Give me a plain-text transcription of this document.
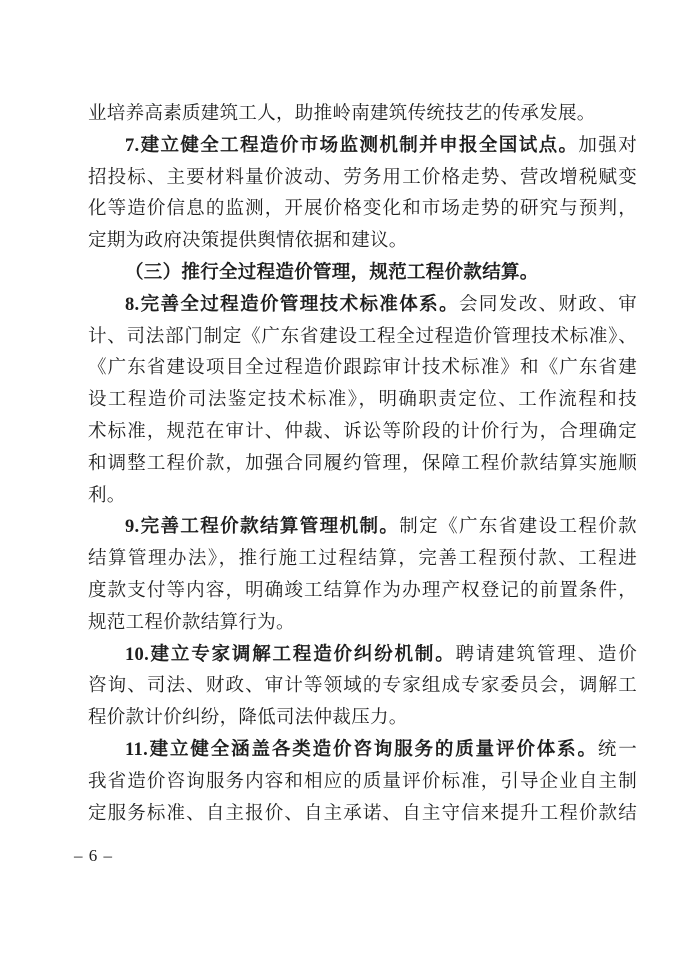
业培养高素质建筑工人，助推岭南建筑传统技艺的传承发展。
7.建立健全工程造价市场监测机制并申报全国试点。加强对
招投标、主要材料量价波动、劳务用工价格走势、营改增税赋变
化等造价信息的监测，开展价格变化和市场走势的研究与预判，
定期为政府决策提供舆情依据和建议。
（三）推行全过程造价管理，规范工程价款结算。
8.完善全过程造价管理技术标准体系。会同发改、财政、审
计、司法部门制定《广东省建设工程全过程造价管理技术标准》、
《广东省建设项目全过程造价跟踪审计技术标准》和《广东省建
设工程造价司法鉴定技术标准》，明确职责定位、工作流程和技
术标准，规范在审计、仲裁、诉讼等阶段的计价行为，合理确定
和调整工程价款，加强合同履约管理，保障工程价款结算实施顺
利。
9.完善工程价款结算管理机制。制定《广东省建设工程价款
结算管理办法》，推行施工过程结算，完善工程预付款、工程进
度款支付等内容，明确竣工结算作为办理产权登记的前置条件，
规范工程价款结算行为。
10.建立专家调解工程造价纠纷机制。聘请建筑管理、造价
咨询、司法、财政、审计等领域的专家组成专家委员会，调解工
程价款计价纠纷，降低司法仲裁压力。
11.建立健全涵盖各类造价咨询服务的质量评价体系。统一
我省造价咨询服务内容和相应的质量评价标准，引导企业自主制
定服务标准、自主报价、自主承诺、自主守信来提升工程价款结
– 6 –
